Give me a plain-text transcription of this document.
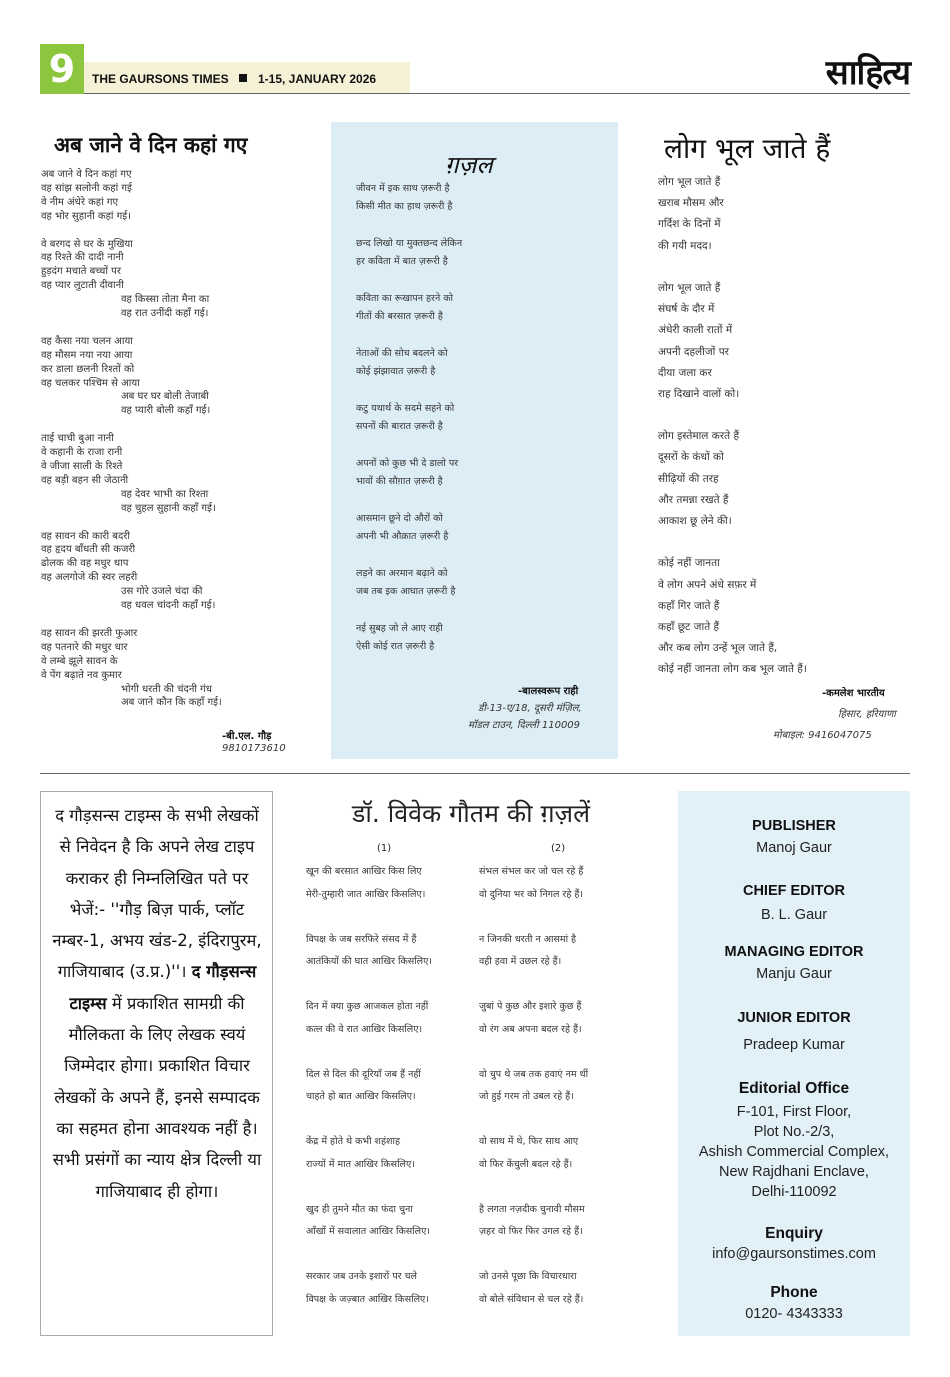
9	THE GAURSONS TIMES 1-15, JANUARY 2026	साहित्य
अब जाने वे दिन कहां गए
अब जाने वे दिन कहां गए
वह सांझ सलोनी कहां गई
वे नीम अंधेरे कहां गए
वह भोर सुहानी कहां गई।
वे बरगद से घर के मुखिया
वह रिश्ते की दादी नानी
हुड़दंग मचाते बच्चों पर
वह प्यार लुटाती दीवानी
वह किस्सा तोता मैना का
वह रात उनींदी कहाँ गई।
वह कैसा नया चलन आया
वह मौसम नया नया आया
कर डाला छलनी रिश्तों को
वह चलकर पश्चिम से आया
अब घर घर बोली तेजाबी
वह प्यारी बोली कहाँ गई।
ताई चाची बुआ नानी
वे कहानी के राजा रानी
वे जीजा साली के रिश्ते
वह बड़ी बहन सी जेठानी
वह देवर भाभी का रिश्ता
वह चुहल सुहानी कहाँ गई।
वह सावन की कारी बदरी
वह हृदय बाँधती सी कजरी
ढोलक की वह मधुर थाप
वह अलगोजे की स्वर लहरी
उस गोरे उजले चंदा की
वह धवल चांदनी कहाँ गई।
वह सावन की झरती फुआर
वह पतनारे की मधुर धार
वे लम्बे झूले सावन के
वे पेंग बढ़ाते नव कुमार
भोगी धरती की चंदनी गंध
अब जाने कौन कि कहाँ गई।
-बी.एल. गौड़
9810173610
ग़ज़ल
जीवन में इक साथ ज़रूरी है
किसी मीत का हाथ ज़रूरी है
छन्द लिखो या मुक्तछन्द लेकिन
हर कविता में बात ज़रूरी है
कविता का रूखापन हरने को
गीतों की बरसात ज़रूरी है
नेताओं की सोच बदलने को
कोई झंझावात ज़रूरी है
कटु यथार्थ के सदमे सहने को
सपनों की बारात ज़रूरी है
अपनों को कुछ भी दे डालो पर
भावों की सौग़ात ज़रूरी है
आसमान छूने दो औरों को
अपनी भी औक़ात ज़रूरी है
लड़ने का अरमान बढ़ाने को
जब तब इक आघात ज़रूरी है
नई सुबह जो ले आए राही
ऐसी कोई रात ज़रूरी है
-बालस्वरूप राही
डी-13-ए/18, दूसरी मंज़िल,
मॉडल टाउन, दिल्ली 110009
लोग भूल जाते हैं
लोग भूल जाते हैं
खराब मौसम और
गर्दिश के दिनों में
की गयी मदद।
लोग भूल जाते हैं
संघर्ष के दौर में
अंधेरी काली रातों में
अपनी दहलीजों पर
दीया जला कर
राह दिखाने वालों को।
लोग इस्तेमाल करते हैं
दूसरों के कंधों को
सीढ़ियों की तरह
और तमन्ना रखते हैं
आकाश छू लेने की।
कोई नहीं जानता
वे लोग अपने अंधे सफ़र में
कहाँ गिर जाते हैं
कहाँ छूट जाते हैं
और कब लोग उन्हें भूल जाते हैं,
कोई नहीं जानता लोग कब भूल जाते हैं।
-कमलेश भारतीय
हिसार, हरियाणा
मोबाइल: 9416047075
द गौड़सन्स टाइम्स के सभी लेखकों से निवेदन है कि अपने लेख टाइप कराकर ही निम्नलिखित पते पर भेजें:- ''गौड़ बिज़ पार्क, प्लॉट नम्बर-1, अभय खंड-2, इंदिरापुरम, गाजियाबाद (उ.प्र.)''। द गौड़सन्स टाइम्स में प्रकाशित सामग्री की मौलिकता के लिए लेखक स्वयं जिम्मेदार होगा। प्रकाशित विचार लेखकों के अपने हैं, इनसे सम्पादक का सहमत होना आवश्यक नहीं है। सभी प्रसंगों का न्याय क्षेत्र दिल्ली या गाजियाबाद ही होगा।
डॉ. विवेक गौतम की ग़ज़लें
(1)	(2)
खून की बरसात आखिर किस लिए
मेरी-तुम्हारी जात आखिर किसलिए।
विपक्ष के जब सरफिरे संसद में हैं
आतंकियों की घात आखिर किसलिए।
दिन में क्या कुछ आजकल होता नहीं
कत्ल की वे रात आखिर किसलिए।
दिल से दिल की दूरियाँ जब हैं नहीं
चाहते हो बात आखिर किसलिए।
केंद्र में होते थे कभी शहंशाह
राज्यों में मात आखिर किसलिए।
खुद ही तुमने मौत का फंदा चुना
आँखों में सवालात आखिर किसलिए।
सरकार जब उनके इशारों पर चले
विपक्ष के जज़्बात आखिर किसलिए।
संभल संभल कर जो चल रहे हैं
वो दुनिया भर को निगल रहे हैं।
न जिनकी धरती न आसमां है
वही हवा में उछल रहे हैं।
जुबां पे कुछ और इशारे कुछ हैं
वो रंग अब अपना बदल रहे हैं।
वो चुप थे जब तक हवाएं नम थीं
जो हुई गरम तो उबल रहे हैं।
वो साथ में थे, फिर साथ आए
वो फिर केंचुली बदल रहे हैं।
है लगता नज़दीक चुनावी मौसम
ज़हर वो फिर फिर उगल रहे हैं।
जो उनसे पूछा कि विचारधारा
वो बोले संविधान से चल रहे हैं।
PUBLISHER
Manoj Gaur
CHIEF EDITOR
B. L. Gaur
MANAGING EDITOR
Manju Gaur
JUNIOR EDITOR
Pradeep Kumar
Editorial Office
F-101, First Floor,
Plot No.-2/3,
Ashish Commercial Complex,
New Rajdhani Enclave,
Delhi-110092
Enquiry
info@gaursonstimes.com
Phone
0120- 4343333
